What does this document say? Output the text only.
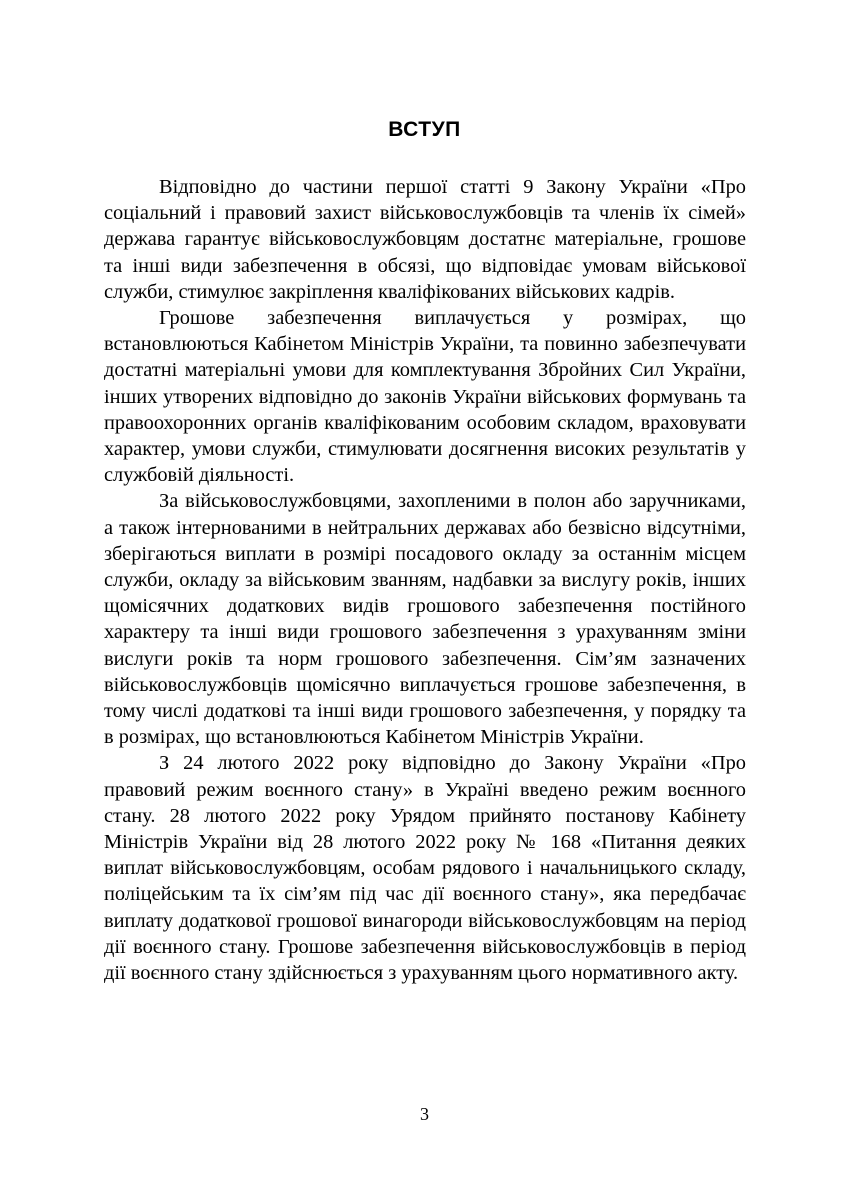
ВСТУП

Відповідно до частини першої статті 9 Закону України «Про соціальний і правовий захист військовослужбовців та членів їх сімей» держава гарантує військовослужбовцям достатнє матеріальне, грошове та інші види забезпечення в обсязі, що відповідає умовам військової служби, стимулює закріплення кваліфікованих військових кадрів.

Грошове забезпечення виплачується у розмірах, що встановлюються Кабінетом Міністрів України, та повинно забезпечувати достатні матеріальні умови для комплектування Збройних Сил України, інших утворених відповідно до законів України військових формувань та правоохоронних органів кваліфікованим особовим складом, враховувати характер, умови служби, стимулювати досягнення високих результатів у службовій діяльності.

За військовослужбовцями, захопленими в полон або заручниками, а також інтернованими в нейтральних державах або безвісно відсутніми, зберігаються виплати в розмірі посадового окладу за останнім місцем служби, окладу за військовим званням, надбавки за вислугу років, інших щомісячних додаткових видів грошового забезпечення постійного характеру та інші види грошового забезпечення з урахуванням зміни вислуги років та норм грошового забезпечення. Сім’ям зазначених військовослужбовців щомісячно виплачується грошове забезпечення, в тому числі додаткові та інші види грошового забезпечення, у порядку та в розмірах, що встановлюються Кабінетом Міністрів України.

З 24 лютого 2022 року відповідно до Закону України «Про правовий режим воєнного стану» в Україні введено режим воєнного стану. 28 лютого 2022 року Урядом прийнято постанову Кабінету Міністрів України від 28 лютого 2022 року № 168 «Питання деяких виплат військовослужбовцям, особам рядового і начальницького складу, поліцейським та їх сім’ям під час дії воєнного стану», яка передбачає виплату додаткової грошової винагороди військовослужбовцям на період дії воєнного стану. Грошове забезпечення військовослужбовців в період дії воєнного стану здійснюється з урахуванням цього нормативного акту.

3
